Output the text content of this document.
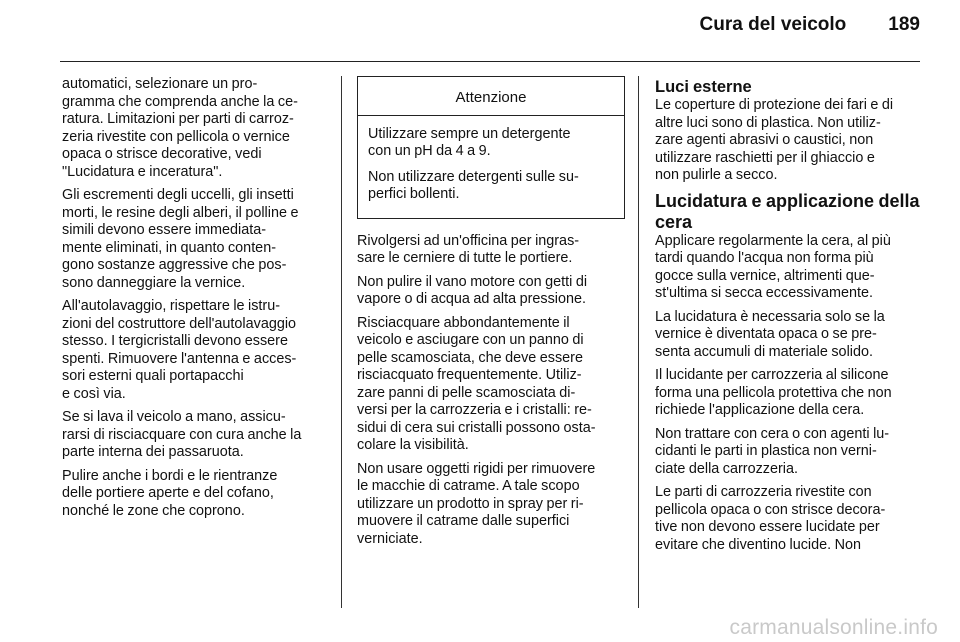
Cura del veicolo 189

automatici, selezionare un pro-
gramma che comprenda anche la ce-
ratura. Limitazioni per parti di carroz-
zeria rivestite con pellicola o vernice
opaca o strisce decorative, vedi
"Lucidatura e inceratura".

Gli escrementi degli uccelli, gli insetti
morti, le resine degli alberi, il polline e
simili devono essere immediata-
mente eliminati, in quanto conten-
gono sostanze aggressive che pos-
sono danneggiare la vernice.

All'autolavaggio, rispettare le istru-
zioni del costruttore dell'autolavaggio
stesso. I tergicristalli devono essere
spenti. Rimuovere l'antenna e acces-
sori esterni quali portapacchi
e così via.

Se si lava il veicolo a mano, assicu-
rarsi di risciacquare con cura anche la
parte interna dei passaruota.

Pulire anche i bordi e le rientranze
delle portiere aperte e del cofano,
nonché le zone che coprono.

Attenzione

Utilizzare sempre un detergente
con un pH da 4 a 9.

Non utilizzare detergenti sulle su-
perfici bollenti.

Rivolgersi ad un'officina per ingras-
sare le cerniere di tutte le portiere.

Non pulire il vano motore con getti di
vapore o di acqua ad alta pressione.

Risciacquare abbondantemente il
veicolo e asciugare con un panno di
pelle scamosciata, che deve essere
risciacquato frequentemente. Utiliz-
zare panni di pelle scamosciata di-
versi per la carrozzeria e i cristalli: re-
sidui di cera sui cristalli possono osta-
colare la visibilità.

Non usare oggetti rigidi per rimuovere
le macchie di catrame. A tale scopo
utilizzare un prodotto in spray per ri-
muovere il catrame dalle superfici
verniciate.

Luci esterne

Le coperture di protezione dei fari e di
altre luci sono di plastica. Non utiliz-
zare agenti abrasivi o caustici, non
utilizzare raschietti per il ghiaccio e
non pulirle a secco.

Lucidatura e applicazione della
cera

Applicare regolarmente la cera, al più
tardi quando l'acqua non forma più
gocce sulla vernice, altrimenti que-
st'ultima si secca eccessivamente.

La lucidatura è necessaria solo se la
vernice è diventata opaca o se pre-
senta accumuli di materiale solido.

Il lucidante per carrozzeria al silicone
forma una pellicola protettiva che non
richiede l'applicazione della cera.

Non trattare con cera o con agenti lu-
cidanti le parti in plastica non verni-
ciate della carrozzeria.

Le parti di carrozzeria rivestite con
pellicola opaca o con strisce decora-
tive non devono essere lucidate per
evitare che diventino lucide. Non

carmanualsonline.info
